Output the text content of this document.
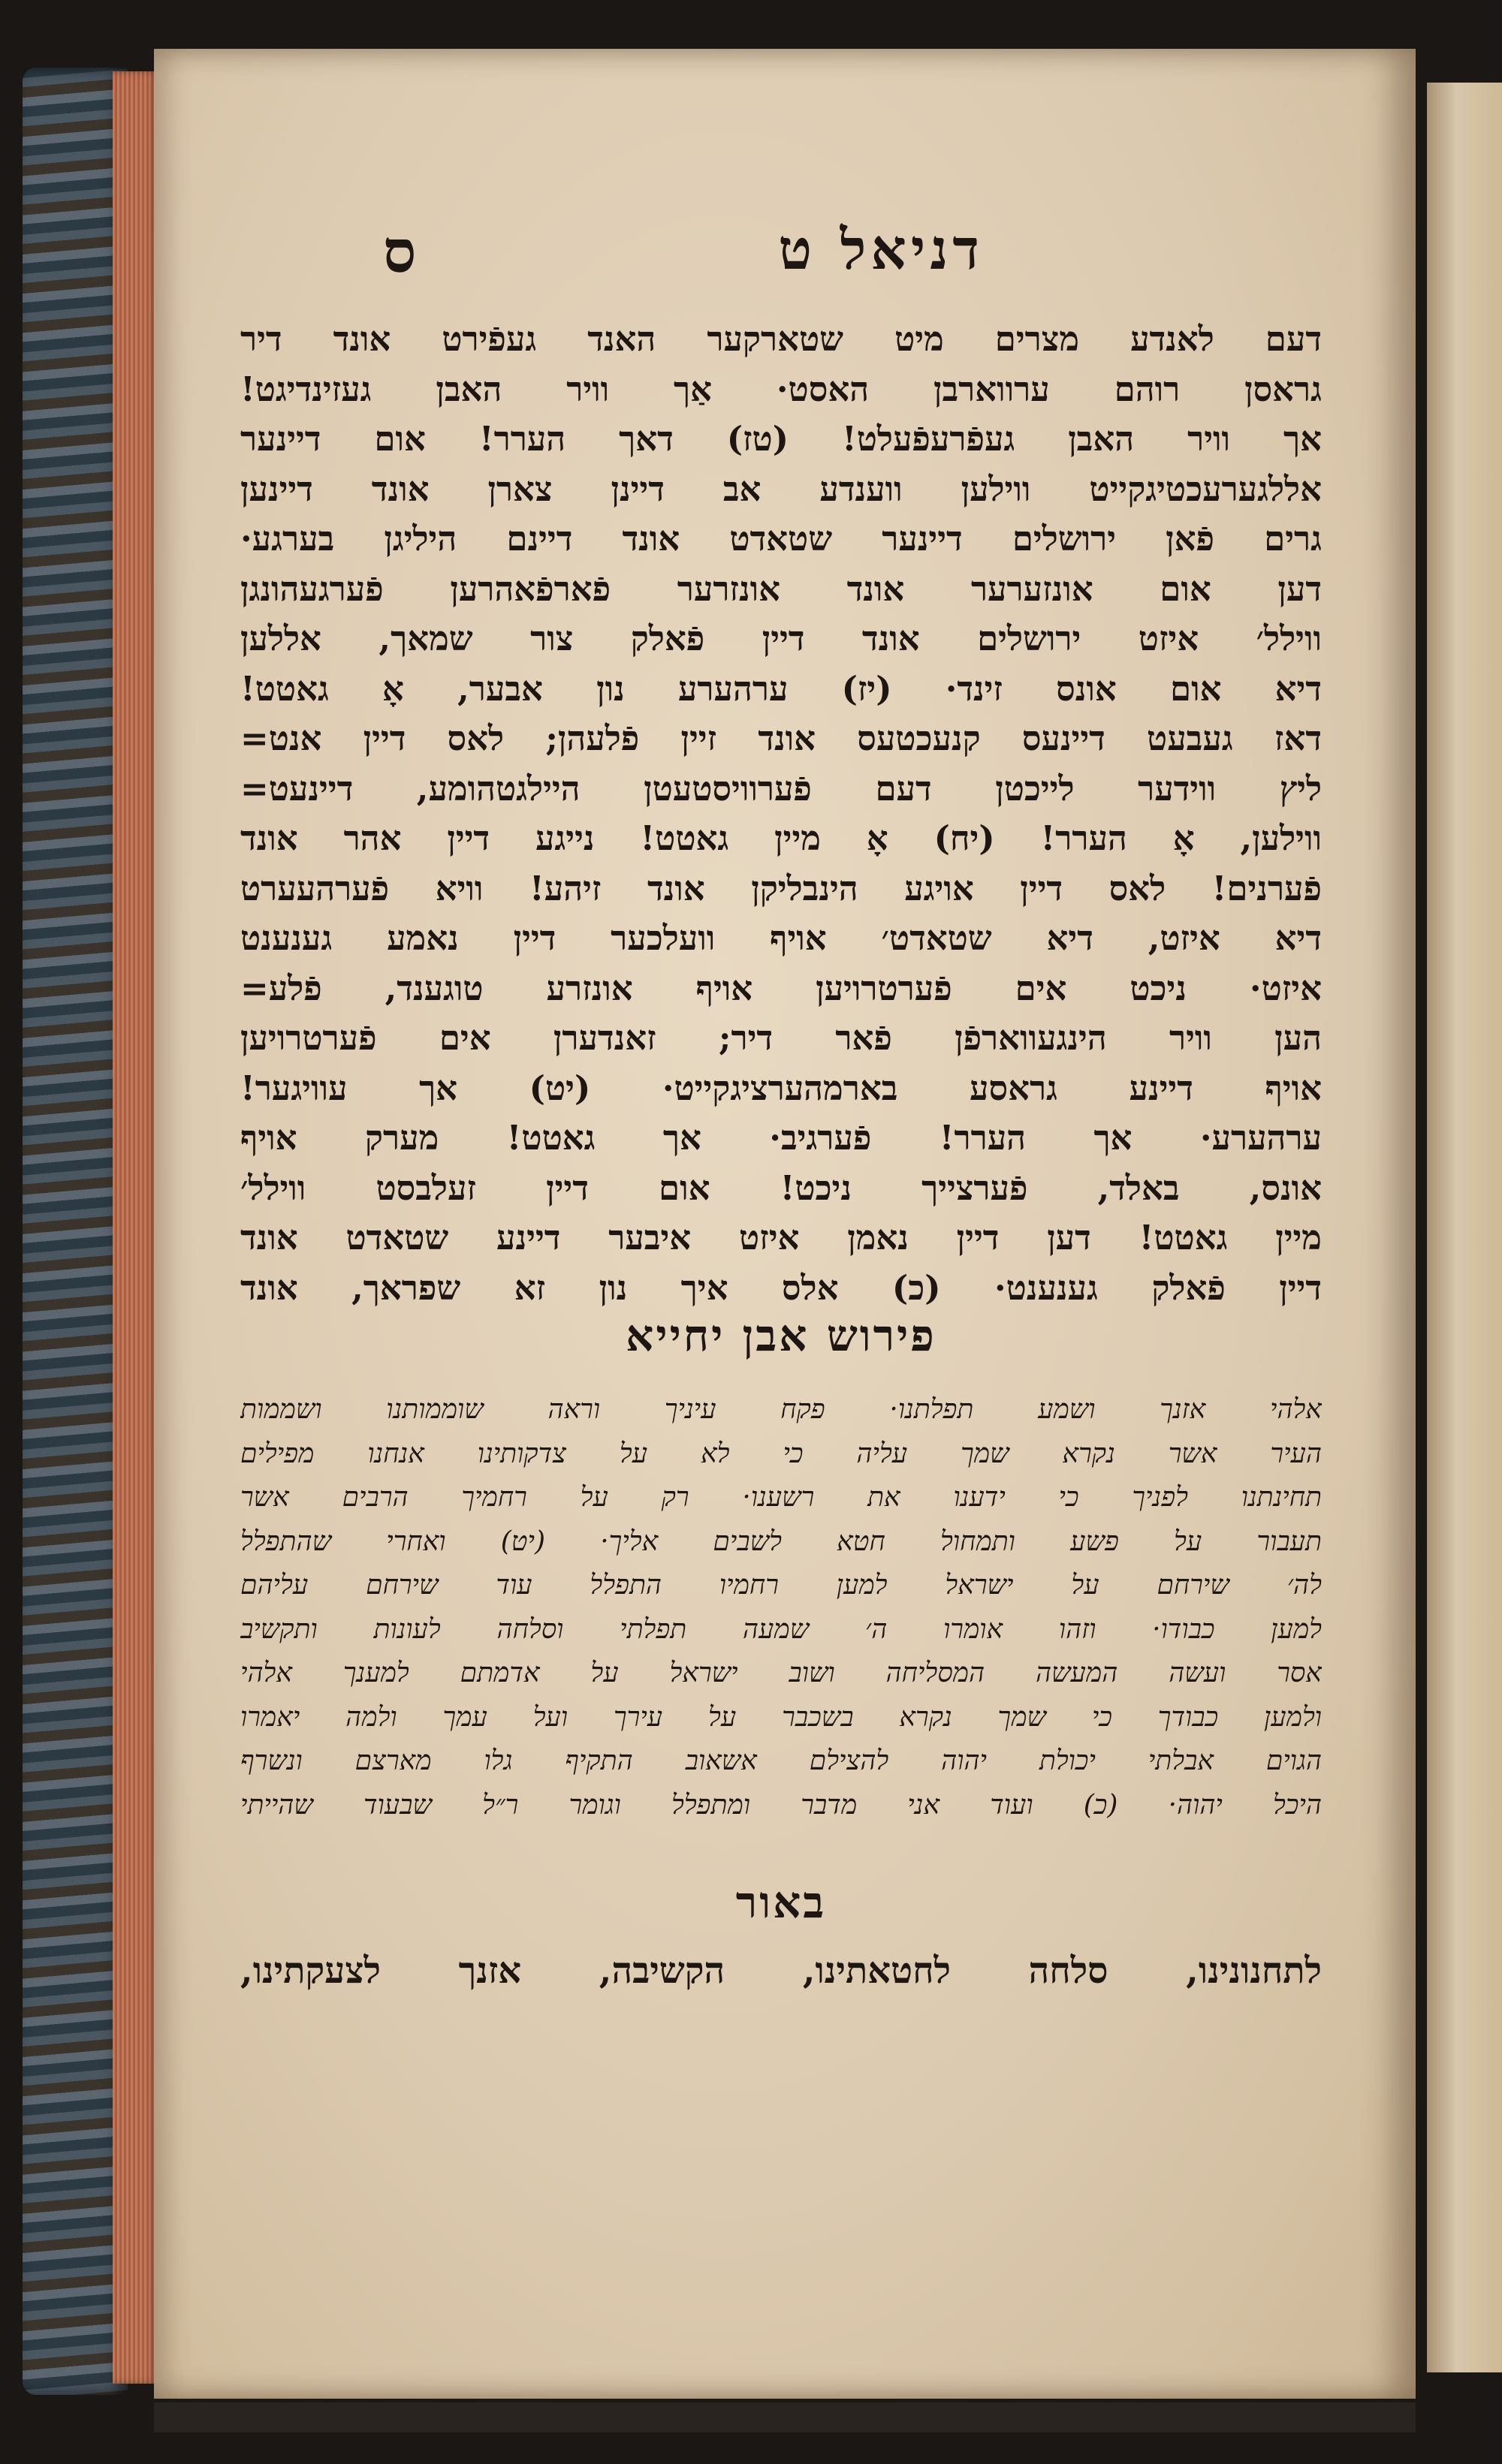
דניאל ט
ס
דעם לאנדע מצרים מיט שטארקער האנד געפֿירט אונד דיר
גראסן רוהם ערווארבן האסט· אַך וויר האבן געזינדיגט!
אך וויר האבן געפֿרעפֿעלט! (טז) דאך הערר! אום דיינער
אללגערעכטיגקייט ווילען ווענדע אב דיינן צארן אונד דיינען
גרים פֿאן ירושלים דיינער שטאדט אונד דיינם היליגן בערגע·
דען אום אונזערער אונד אונזרער פֿארפֿאהרען פֿערגעהונגן
ווילל׳ איזט ירושלים אונד דיין פֿאלק צור שמאך, אללען
דיא אום אונס זינד· (יז) ערהערע נון אבער, אָ גאטט!
דאז געבעט דיינעס קנעכטעס אונד זיין פֿלעהן; לאס דיין אנט=
ליץ ווידער לייכטן דעם פֿערוויסטעטן היילגטהומע, דיינעט=
ווילען, אָ הערר! (יח) אָ מיין גאטט! נייגע דיין אהר אונד
פֿערנים! לאס דיין אויגע הינבליקן אונד זיהע! וויא פֿערהעערט
דיא איזט, דיא שטאדט׳ אויף וועלכער דיין נאמע גענענט
איזט· ניכט אים פֿערטרויען אויף אונזרע טוגענד, פֿלע=
הען וויר הינגעווארפֿן פֿאר דיר; זאנדערן אים פֿערטרויען
אויף דיינע גראסע בארמהערציגקייט· (יט) אך עוויגער!
ערהערע· אך הערר! פֿערגיב· אך גאטט! מערק אויף
אונס, באלד, פֿערצייך ניכט! אום דיין זעלבסט ווילל׳
מיין גאטט! דען דיין נאמן איזט איבער דיינע שטאדט אונד
דיין פֿאלק גענענט· (כ) אלס איך נון זא שפראך, אונד
פירוש אבן יחייא
אלהי אזנך ושמע תפלתנו· פקח עיניך וראה שוממותנו ושממות
העיר אשר נקרא שמך עליה כי לא על צדקותינו אנחנו מפילים
תחינתנו לפניך כי ידענו את רשענו· רק על רחמיך הרבים אשר
תעבור על פשע ותמחול חטא לשבים אליך· (יט) ואחרי שהתפלל
לה׳ שירחם על ישראל למען רחמיו התפלל עוד שירחם עליהם
למען כבודו· וזהו אומרו ה׳ שמעה תפלתי וסלחה לעונות ותקשיב
אסר ועשה המעשה המסליחה ושוב ישראל על אדמתם למענך אלהי
ולמען כבודך כי שמך נקרא בשכבר על עירך ועל עמך ולמה יאמרו
הגוים אבלתי יכולת יהוה להצילם אשאוב התקיף גלו מארצם ונשרף
היכל יהוה· (כ) ועוד אני מדבר ומתפלל וגומר ר״ל שבעוד שהייתי
באור
לתחנונינו, סלחה לחטאתינו, הקשיבה, אזנך לצעקתינו,
